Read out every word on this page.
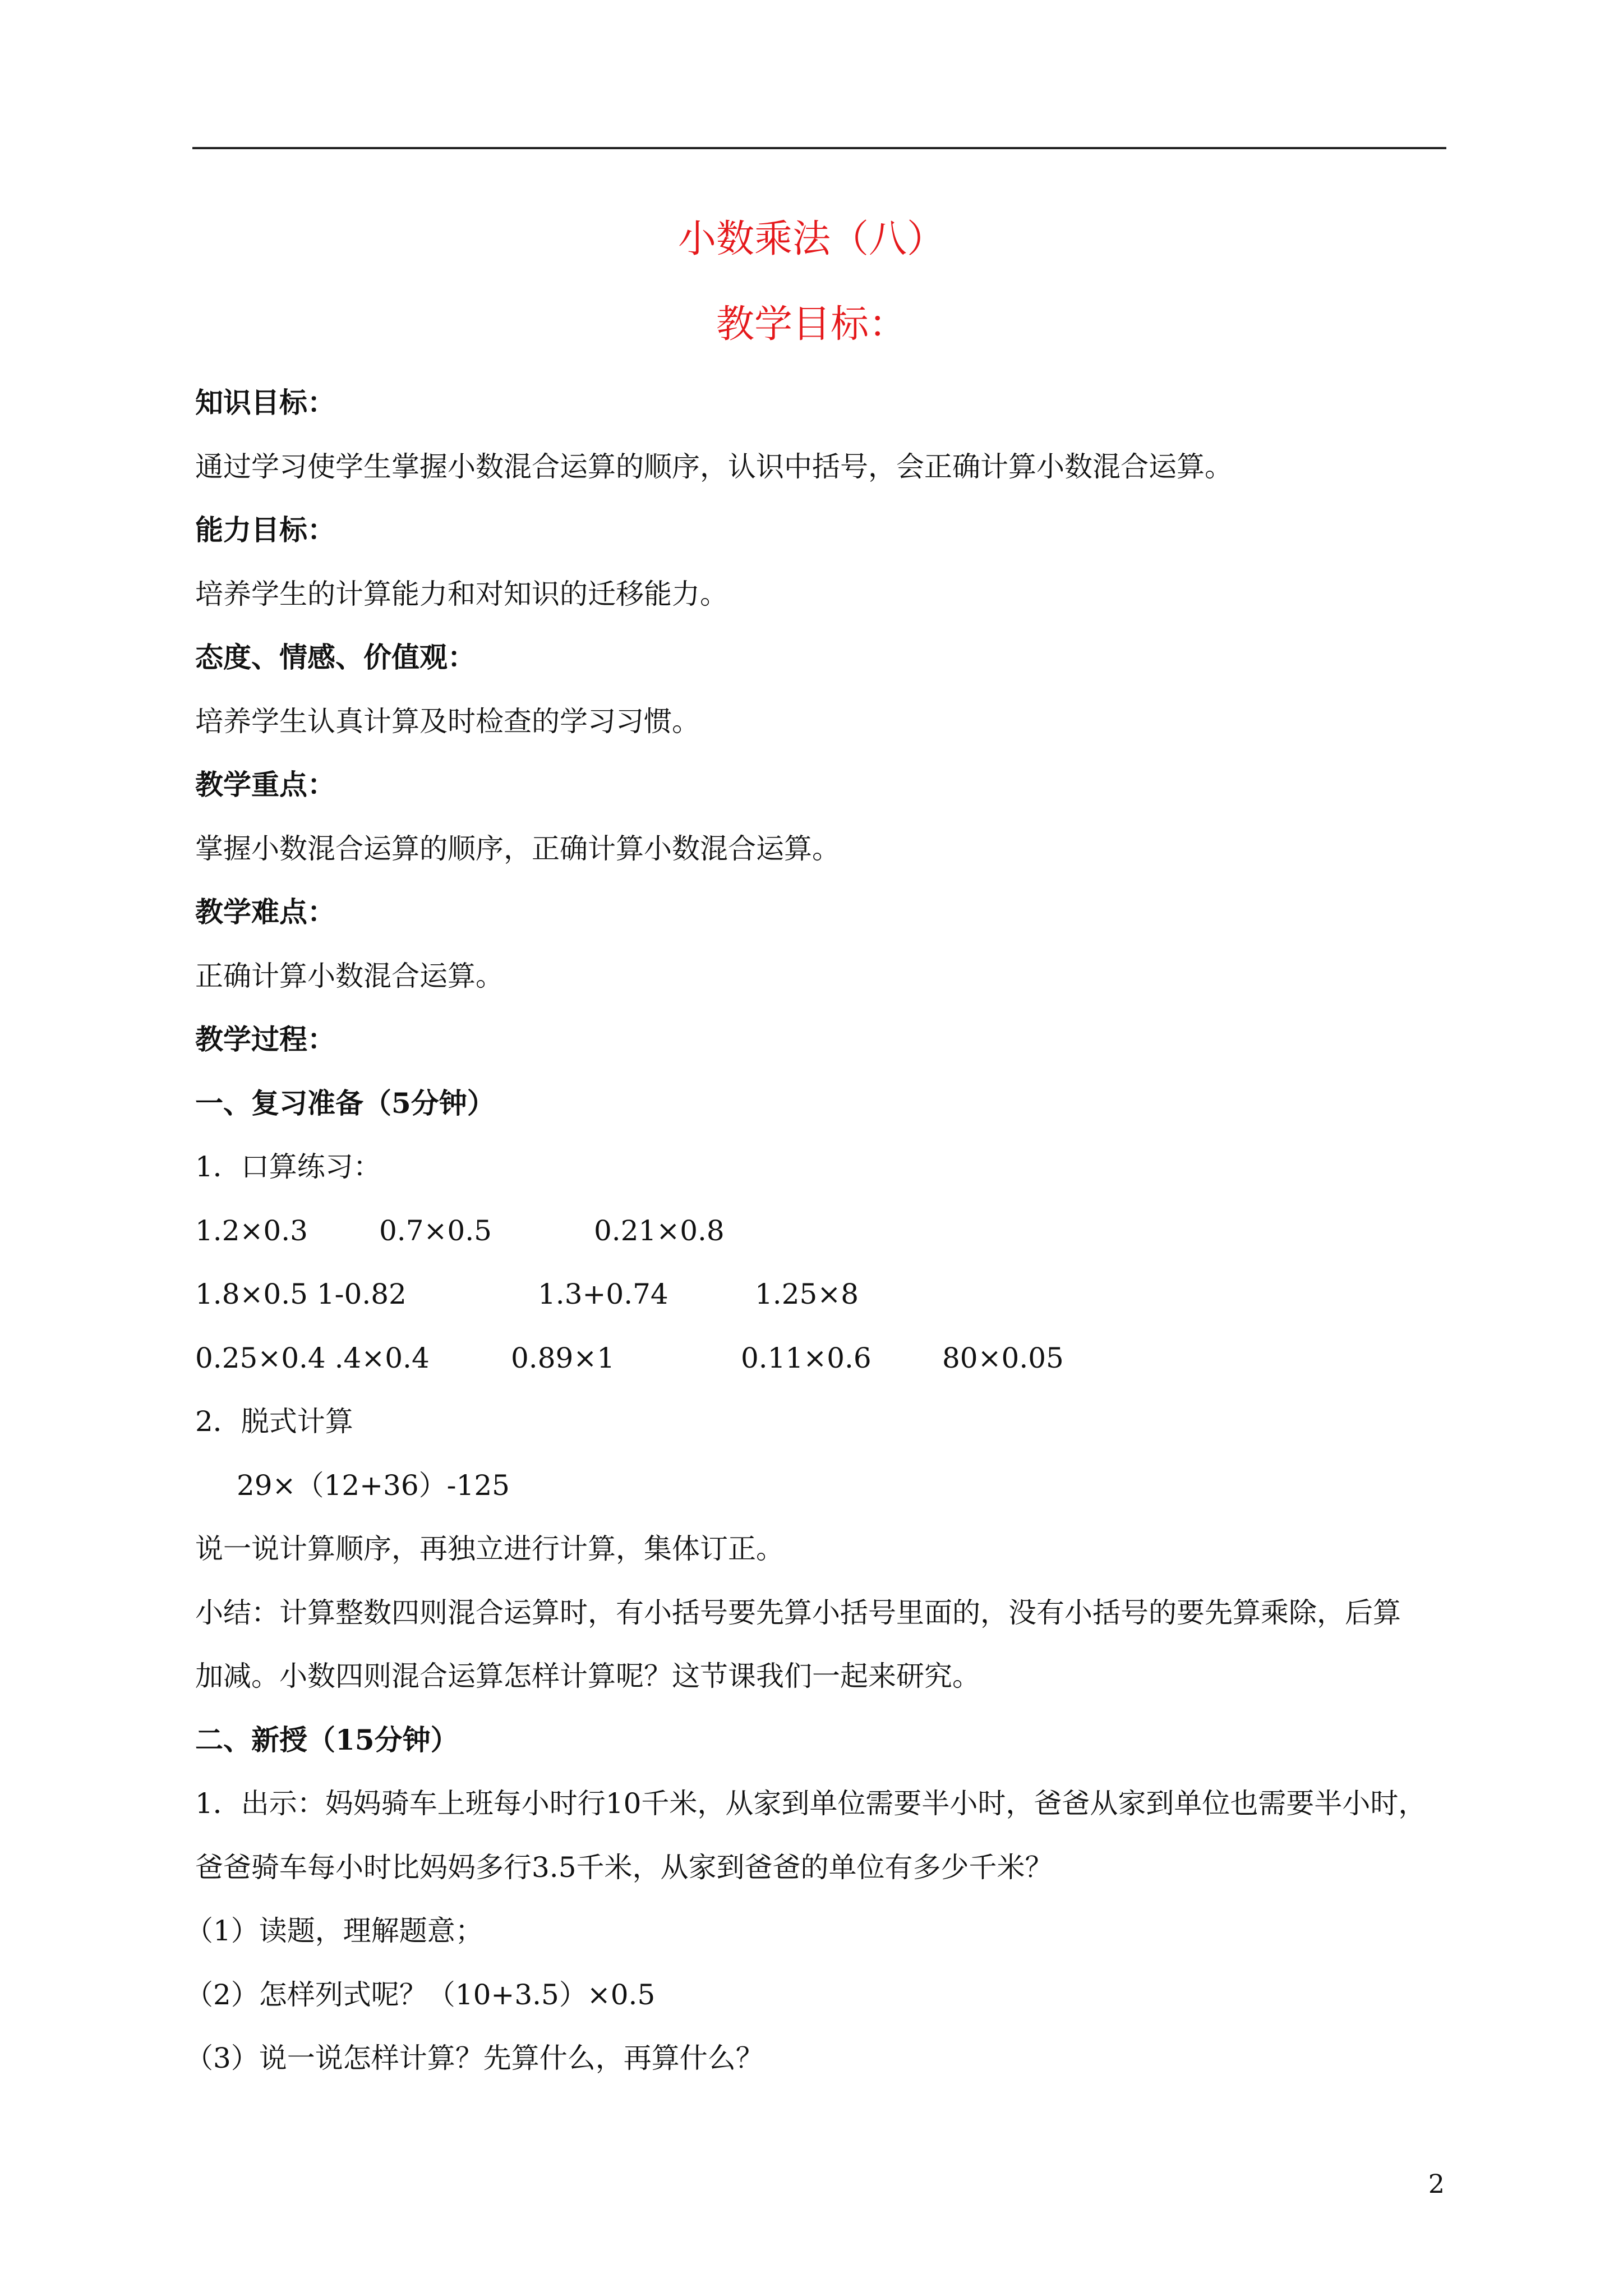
小数乘法（八）
教学目标：
知识目标：
通过学习使学生掌握小数混合运算的顺序，认识中括号，会正确计算小数混合运算。
能力目标：
培养学生的计算能力和对知识的迁移能力。
态度、情感、价值观：
培养学生认真计算及时检查的学习习惯。
教学重点：
掌握小数混合运算的顺序，正确计算小数混合运算。
教学难点：
正确计算小数混合运算。
教学过程：
一、复习准备（5分钟）
1．口算练习：
1.2×0.3	0.7×0.5	0.21×0.8
1.8×0.5 1-0.82	1.3+0.74	1.25×8
0.25×0.4 .4×0.4	0.89×1	0.11×0.6	80×0.05
2．脱式计算
29×（12+36）-125
说一说计算顺序，再独立进行计算，集体订正。
小结：计算整数四则混合运算时，有小括号要先算小括号里面的，没有小括号的要先算乘除，后算
加减。小数四则混合运算怎样计算呢？这节课我们一起来研究。
二、新授（15分钟）
1．出示：妈妈骑车上班每小时行10千米，从家到单位需要半小时，爸爸从家到单位也需要半小时，
爸爸骑车每小时比妈妈多行3.5千米，从家到爸爸的单位有多少千米？
（1）读题，理解题意；
（2）怎样列式呢？（10+3.5）×0.5
（3）说一说怎样计算？先算什么，再算什么？
2
